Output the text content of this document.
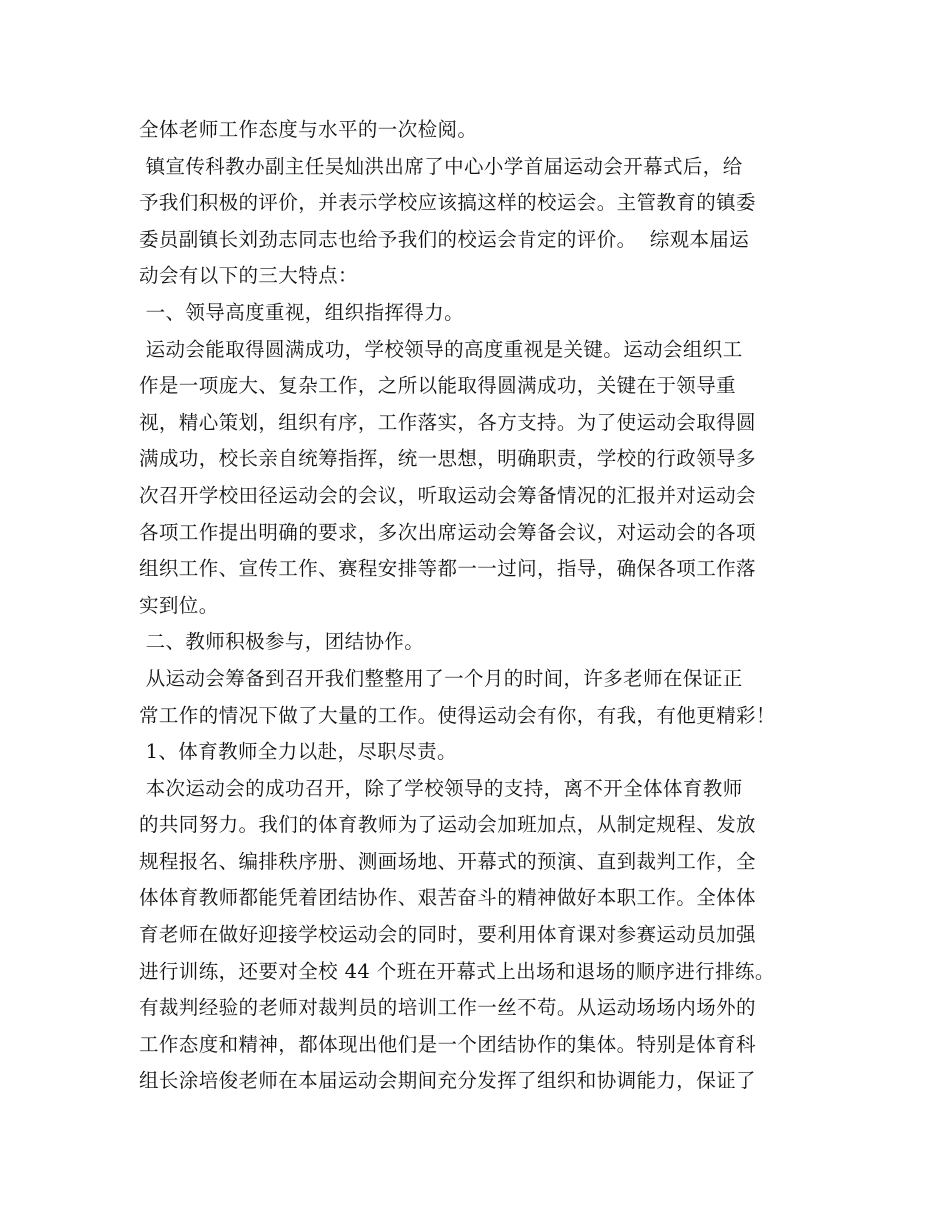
全体老师工作态度与水平的一次检阅。
镇宣传科教办副主任吴灿洪出席了中心小学首届运动会开幕式后，给
予我们积极的评价，并表示学校应该搞这样的校运会。主管教育的镇委
委员副镇长刘劲志同志也给予我们的校运会肯定的评价。  综观本届运
动会有以下的三大特点：
一、领导高度重视，组织指挥得力。
运动会能取得圆满成功，学校领导的高度重视是关键。运动会组织工
作是一项庞大、复杂工作，之所以能取得圆满成功，关键在于领导重
视，精心策划，组织有序，工作落实，各方支持。为了使运动会取得圆
满成功，校长亲自统筹指挥，统一思想，明确职责，学校的行政领导多
次召开学校田径运动会的会议，听取运动会筹备情况的汇报并对运动会
各项工作提出明确的要求，多次出席运动会筹备会议，对运动会的各项
组织工作、宣传工作、赛程安排等都一一过问，指导，确保各项工作落
实到位。
二、教师积极参与，团结协作。
从运动会筹备到召开我们整整用了一个月的时间，许多老师在保证正
常工作的情况下做了大量的工作。使得运动会有你，有我，有他更精彩！
1、体育教师全力以赴，尽职尽责。
本次运动会的成功召开，除了学校领导的支持，离不开全体体育教师
的共同努力。我们的体育教师为了运动会加班加点，从制定规程、发放
规程报名、编排秩序册、测画场地、开幕式的预演、直到裁判工作，全
体体育教师都能凭着团结协作、艰苦奋斗的精神做好本职工作。全体体
育老师在做好迎接学校运动会的同时，要利用体育课对参赛运动员加强
进行训练，还要对全校 44 个班在开幕式上出场和退场的顺序进行排练。
有裁判经验的老师对裁判员的培训工作一丝不苟。从运动场场内场外的
工作态度和精神，都体现出他们是一个团结协作的集体。特别是体育科
组长涂培俊老师在本届运动会期间充分发挥了组织和协调能力，保证了
